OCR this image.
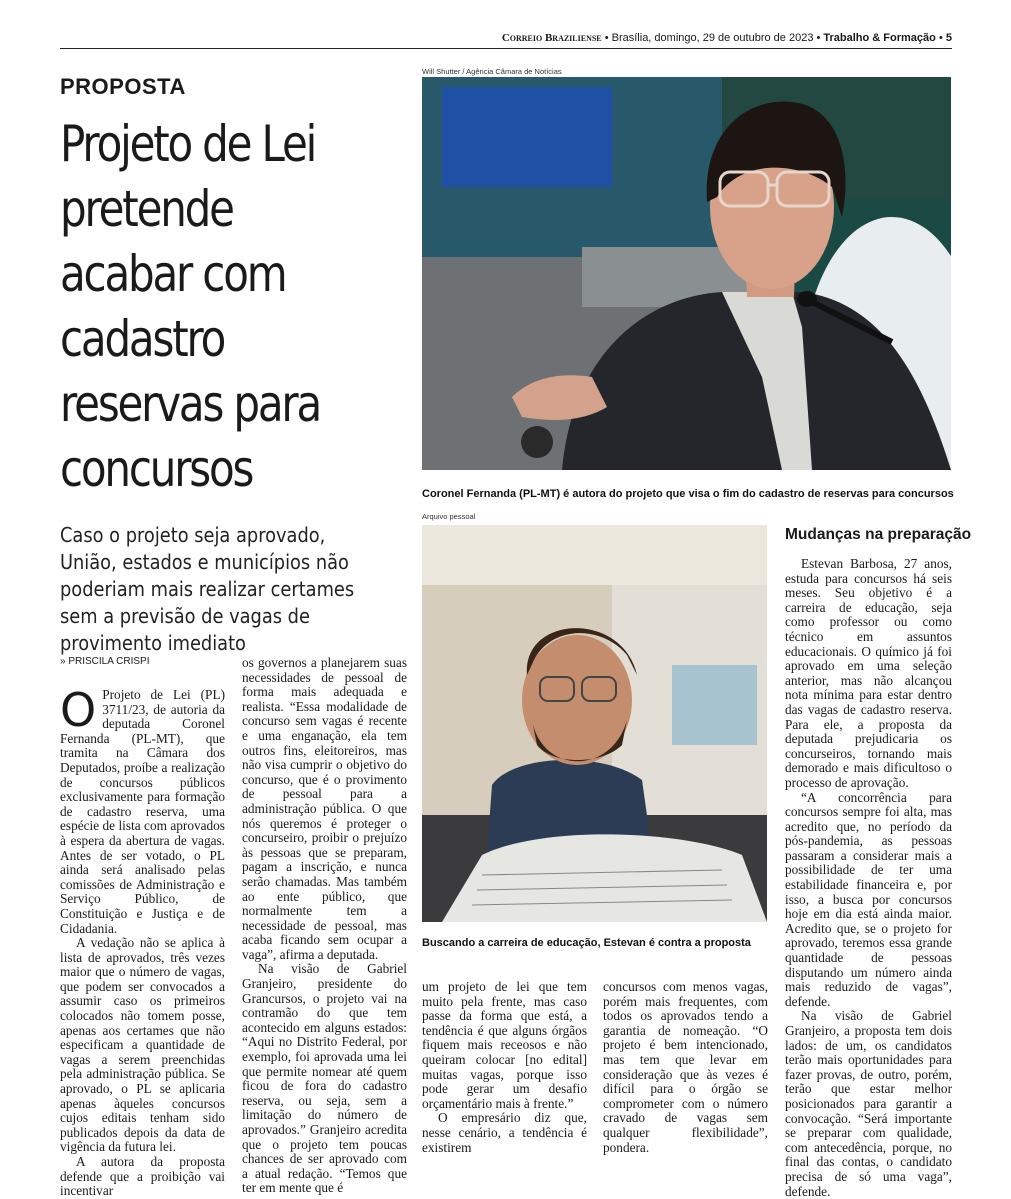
Correio Braziliense • Brasília, domingo, 29 de outubro de 2023 • Trabalho & Formação • 5
PROPOSTA
Projeto de Lei pretende acabar com cadastro reservas para concursos
Caso o projeto seja aprovado, União, estados e municípios não poderiam mais realizar certames sem a previsão de vagas de provimento imediato
Will Shutter / Agência Câmara de Notícias
Coronel Fernanda (PL-MT) é autora do projeto que visa o fim do cadastro de reservas para concursos
Arquivo pessoal
Buscando a carreira de educação, Estevan é contra a proposta
» PRISCILA CRISPI

O Projeto de Lei (PL) 3711/23, de autoria da deputada Coronel Fernanda (PL-MT), que tramita na Câmara dos Deputados, proíbe a realização de concursos públicos exclusivamente para formação de cadastro reserva, uma espécie de lista com aprovados à espera da abertura de vagas. Antes de ser votado, o PL ainda será analisado pelas comissões de Administração e Serviço Público, de Constituição e Justiça e de Cidadania.

A vedação não se aplica à lista de aprovados, três vezes maior que o número de vagas, que podem ser convocados a assumir caso os primeiros colocados não tomem posse, apenas aos certames que não especificam a quantidade de vagas a serem preenchidas pela administração pública. Se aprovado, o PL se aplicaria apenas àqueles concursos cujos editais tenham sido publicados depois da data de vigência da futura lei.

A autora da proposta defende que a proibição vai incentivar

os governos a planejarem suas necessidades de pessoal de forma mais adequada e realista. “Essa modalidade de concurso sem vagas é recente e uma enganação, ela tem outros fins, eleitoreiros, mas não visa cumprir o objetivo do concurso, que é o provimento de pessoal para a administração pública. O que nós queremos é proteger o concurseiro, proibir o prejuízo às pessoas que se preparam, pagam a inscrição, e nunca serão chamadas. Mas também ao ente público, que normalmente tem a necessidade de pessoal, mas acaba ficando sem ocupar a vaga”, afirma a deputada.

Na visão de Gabriel Granjeiro, presidente do Grancursos, o projeto vai na contramão do que tem acontecido em alguns estados: “Aqui no Distrito Federal, por exemplo, foi aprovada uma lei que permite nomear até quem ficou de fora do cadastro reserva, ou seja, sem a limitação do número de aprovados.” Granjeiro acredita que o projeto tem poucas chances de ser aprovado com a atual redação. “Temos que ter em mente que é

um projeto de lei que tem muito pela frente, mas caso passe da forma que está, a tendência é que alguns órgãos fiquem mais receosos e não queiram colocar [no edital] muitas vagas, porque isso pode gerar um desafio orçamentário mais à frente.”

O empresário diz que, nesse cenário, a tendência é existirem

concursos com menos vagas, porém mais frequentes, com todos os aprovados tendo a garantia de nomeação. “O projeto é bem intencionado, mas tem que levar em consideração que às vezes é difícil para o órgão se comprometer com o número cravado de vagas sem qualquer flexibilidade”, pondera.

Mudanças na preparação

Estevan Barbosa, 27 anos, estuda para concursos há seis meses. Seu objetivo é a carreira de educação, seja como professor ou como técnico em assuntos educacionais. O químico já foi aprovado em uma seleção anterior, mas não alcançou nota mínima para estar dentro das vagas de cadastro reserva. Para ele, a proposta da deputada prejudicaria os concurseiros, tornando mais demorado e mais dificultoso o processo de aprovação.

“A concorrência para concursos sempre foi alta, mas acredito que, no período da pós-pandemia, as pessoas passaram a considerar mais a possibilidade de ter uma estabilidade financeira e, por isso, a busca por concursos hoje em dia está ainda maior. Acredito que, se o projeto for aprovado, teremos essa grande quantidade de pessoas disputando um número ainda mais reduzido de vagas”, defende.

Na visão de Gabriel Granjeiro, a proposta tem dois lados: de um, os candidatos terão mais oportunidades para fazer provas, de outro, porém, terão que estar melhor posicionados para garantir a convocação. “Será importante se preparar com qualidade, com antecedência, porque, no final das contas, o candidato precisa de só uma vaga”, defende.
